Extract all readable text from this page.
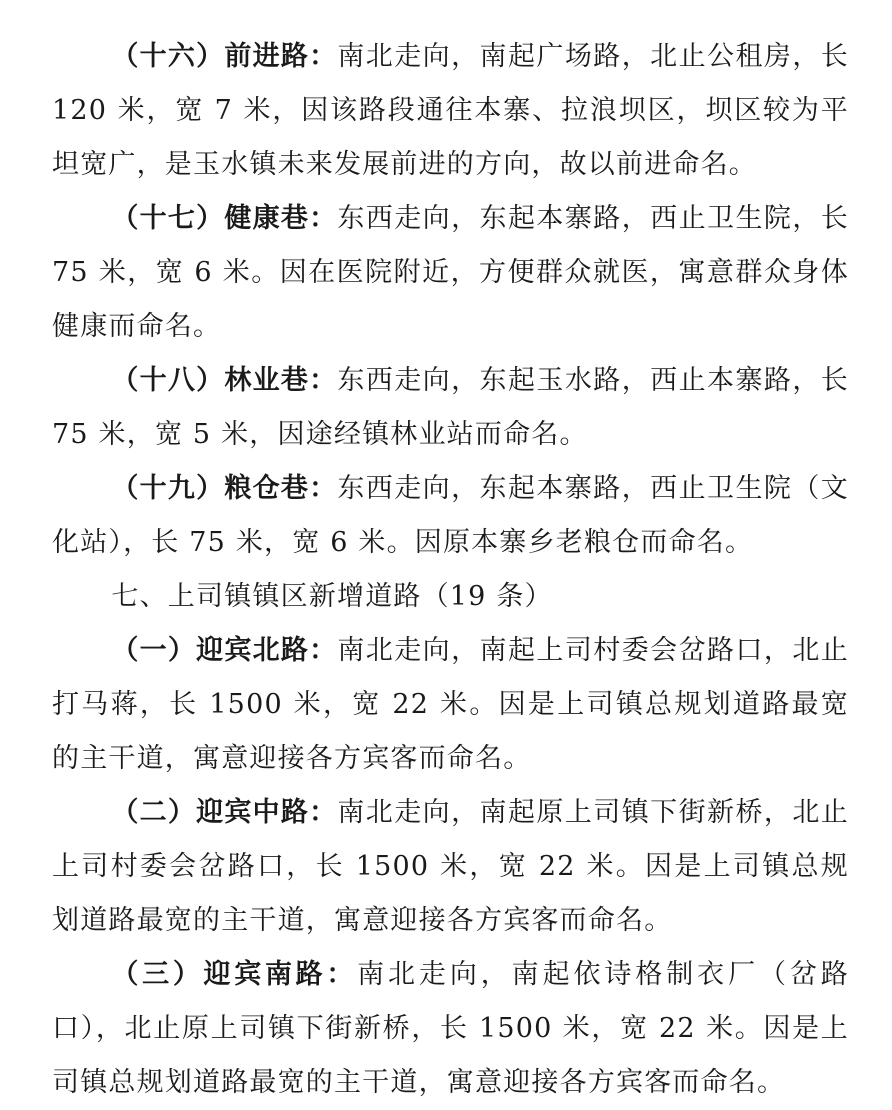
（十六）前进路：南北走向，南起广场路，北止公租房，长 120 米，宽 7 米，因该路段通往本寨、拉浪坝区，坝区较为平坦宽广，是玉水镇未来发展前进的方向，故以前进命名。

（十七）健康巷：东西走向，东起本寨路，西止卫生院，长 75 米，宽 6 米。因在医院附近，方便群众就医，寓意群众身体健康而命名。

（十八）林业巷：东西走向，东起玉水路，西止本寨路，长 75 米，宽 5 米，因途经镇林业站而命名。

（十九）粮仓巷：东西走向，东起本寨路，西止卫生院（文化站），长 75 米，宽 6 米。因原本寨乡老粮仓而命名。

七、上司镇镇区新增道路（19 条）

（一）迎宾北路：南北走向，南起上司村委会岔路口，北止打马蒋，长 1500 米，宽 22 米。因是上司镇总规划道路最宽的主干道，寓意迎接各方宾客而命名。

（二）迎宾中路：南北走向，南起原上司镇下街新桥，北止上司村委会岔路口，长 1500 米，宽 22 米。因是上司镇总规划道路最宽的主干道，寓意迎接各方宾客而命名。

（三）迎宾南路：南北走向，南起依诗格制衣厂（岔路口），北止原上司镇下街新桥，长 1500 米，宽 22 米。因是上司镇总规划道路最宽的主干道，寓意迎接各方宾客而命名。
